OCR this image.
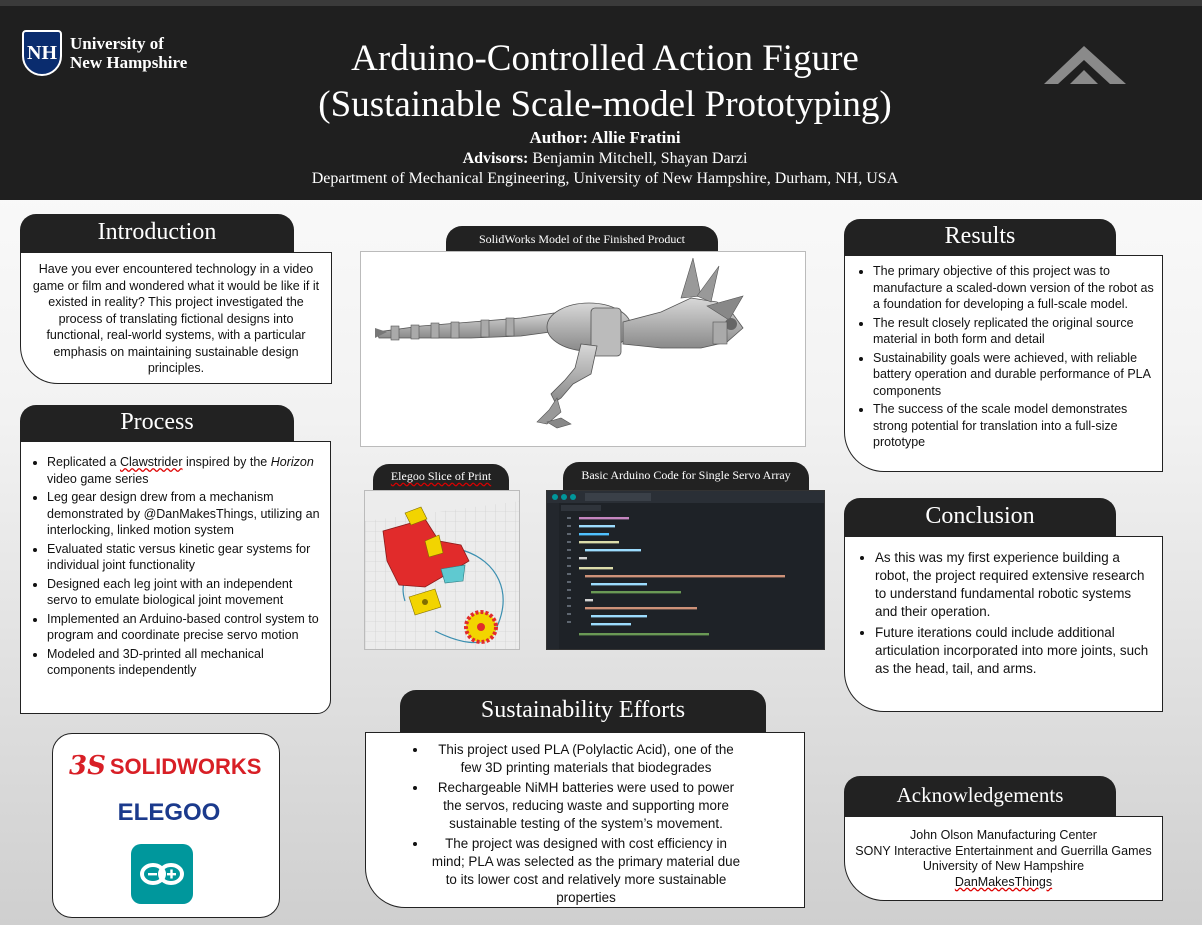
NH University of
New Hampshire	Arduino-Controlled Action Figure
(Sustainable Scale-model Prototyping)
Author: Allie Fratini
Advisors: Benjamin Mitchell, Shayan Darzi
Department of Mechanical Engineering, University of New Hampshire, Durham, NH, USA
Introduction

Have you ever encountered technology in a video game or film and wondered what it would be like if it existed in reality? This project investigated the process of translating fictional designs into functional, real-world systems, with a particular emphasis on maintaining sustainable design principles.

Process
• Replicated a Clawstrider inspired by the Horizon video game series
• Leg gear design drew from a mechanism demonstrated by @DanMakesThings, utilizing an interlocking, linked motion system
• Evaluated static versus kinetic gear systems for individual joint functionality
• Designed each leg joint with an independent servo to emulate biological joint movement
• Implemented an Arduino-based control system to program and coordinate precise servo motion
• Modeled and 3D-printed all mechanical components independently
3S SOLIDWORKS
ELEGOO
SolidWorks Model of the Finished Product
Elegoo Slice of Print	Basic Arduino Code for Single Servo Array
Results
• The primary objective of this project was to manufacture a scaled-down version of the robot as a foundation for developing a full-scale model.
• The result closely replicated the original source material in both form and detail
• Sustainability goals were achieved, with reliable battery operation and durable performance of PLA components
• The success of the scale model demonstrates strong potential for translation into a full-size prototype
Conclusion
• As this was my first experience building a robot, the project required extensive research to understand fundamental robotic systems and their operation.
• Future iterations could include additional articulation incorporated into more joints, such as the head, tail, and arms.
Sustainability Efforts
• This project used PLA (Polylactic Acid), one of the few 3D printing materials that biodegrades
• Rechargeable NiMH batteries were used to power the servos, reducing waste and supporting more sustainable testing of the system’s movement.
• The project was designed with cost efficiency in mind; PLA was selected as the primary material due to its lower cost and relatively more sustainable properties
Acknowledgements
John Olson Manufacturing Center
SONY Interactive Entertainment and Guerrilla Games
University of New Hampshire
DanMakesThings
